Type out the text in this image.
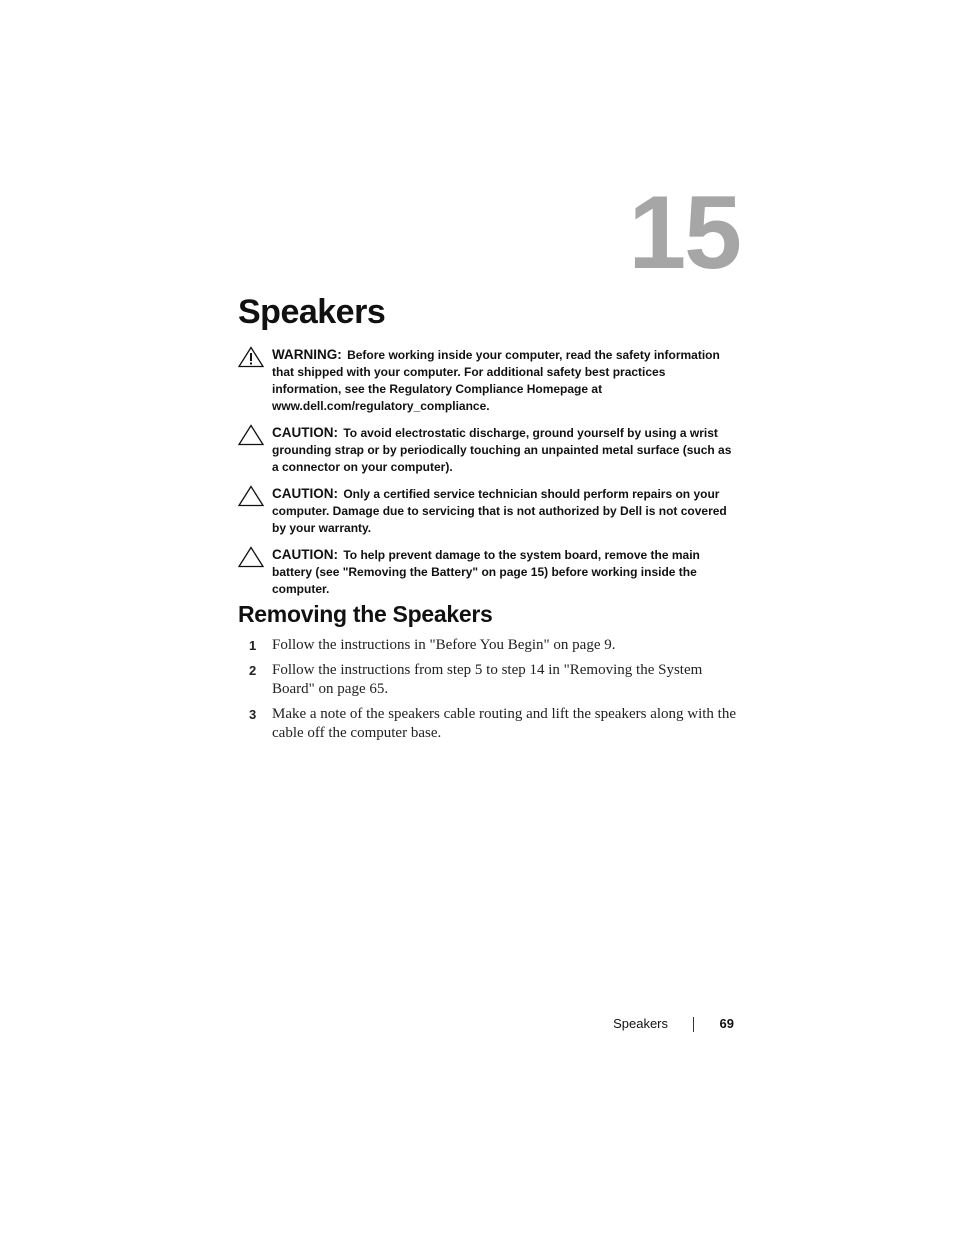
15
Speakers
WARNING: Before working inside your computer, read the safety information that shipped with your computer. For additional safety best practices information, see the Regulatory Compliance Homepage at www.dell.com/regulatory_compliance.
CAUTION: To avoid electrostatic discharge, ground yourself by using a wrist grounding strap or by periodically touching an unpainted metal surface (such as a connector on your computer).
CAUTION: Only a certified service technician should perform repairs on your computer. Damage due to servicing that is not authorized by Dell is not covered by your warranty.
CAUTION: To help prevent damage to the system board, remove the main battery (see "Removing the Battery" on page 15) before working inside the computer.
Removing the Speakers
1 Follow the instructions in "Before You Begin" on page 9.
2 Follow the instructions from step 5 to step 14 in "Removing the System Board" on page 65.
3 Make a note of the speakers cable routing and lift the speakers along with the cable off the computer base.
Speakers	69
